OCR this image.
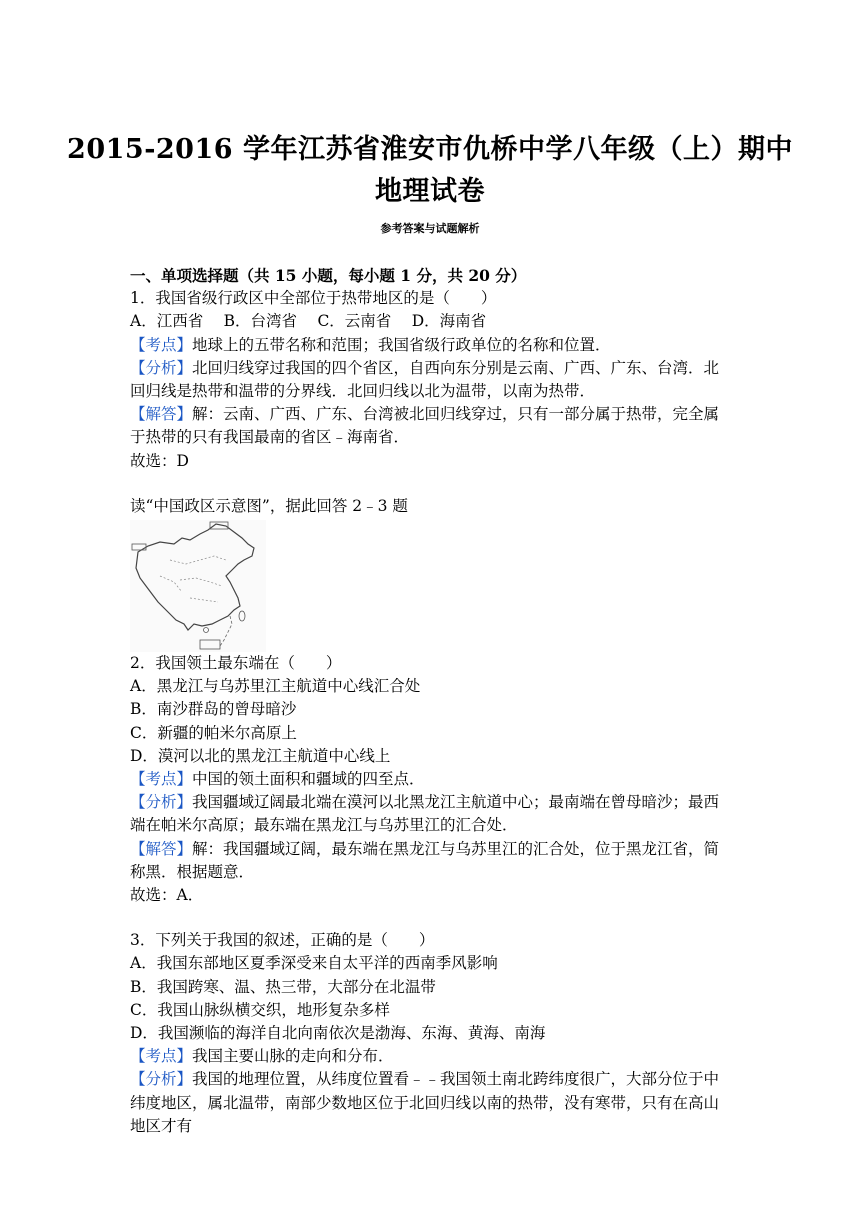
2015-2016 学年江苏省淮安市仇桥中学八年级（上）期中
地理试卷
参考答案与试题解析

一、单项选择题（共 15 小题，每小题 1 分，共 20 分）

1．我国省级行政区中全部位于热带地区的是（　　）

A．江西省　 B．台湾省　 C．云南省　 D．海南省

【考点】地球上的五带名称和范围；我国省级行政单位的名称和位置．

【分析】北回归线穿过我国的四个省区，自西向东分别是云南、广西、广东、台湾．北回归线是热带和温带的分界线．北回归线以北为温带，以南为热带．

【解答】解：云南、广西、广东、台湾被北回归线穿过，只有一部分属于热带，完全属于热带的只有我国最南的省区﹣海南省．

故选：D

读“中国政区示意图”，据此回答 2﹣3 题

2．我国领土最东端在（　　）

A．黑龙江与乌苏里江主航道中心线汇合处

B．南沙群岛的曾母暗沙

C．新疆的帕米尔高原上

D．漠河以北的黑龙江主航道中心线上

【考点】中国的领土面积和疆域的四至点．

【分析】我国疆域辽阔最北端在漠河以北黑龙江主航道中心；最南端在曾母暗沙；最西端在帕米尔高原；最东端在黑龙江与乌苏里江的汇合处．

【解答】解：我国疆域辽阔，最东端在黑龙江与乌苏里江的汇合处，位于黑龙江省，简称黑．根据题意．

故选：A．

3．下列关于我国的叙述，正确的是（　　）

A．我国东部地区夏季深受来自太平洋的西南季风影响

B．我国跨寒、温、热三带，大部分在北温带

C．我国山脉纵横交织，地形复杂多样

D．我国濒临的海洋自北向南依次是渤海、东海、黄海、南海

【考点】我国主要山脉的走向和分布．

【分析】我国的地理位置，从纬度位置看﹣﹣我国领土南北跨纬度很广，大部分位于中纬度地区，属北温带，南部少数地区位于北回归线以南的热带，没有寒带，只有在高山地区才有
